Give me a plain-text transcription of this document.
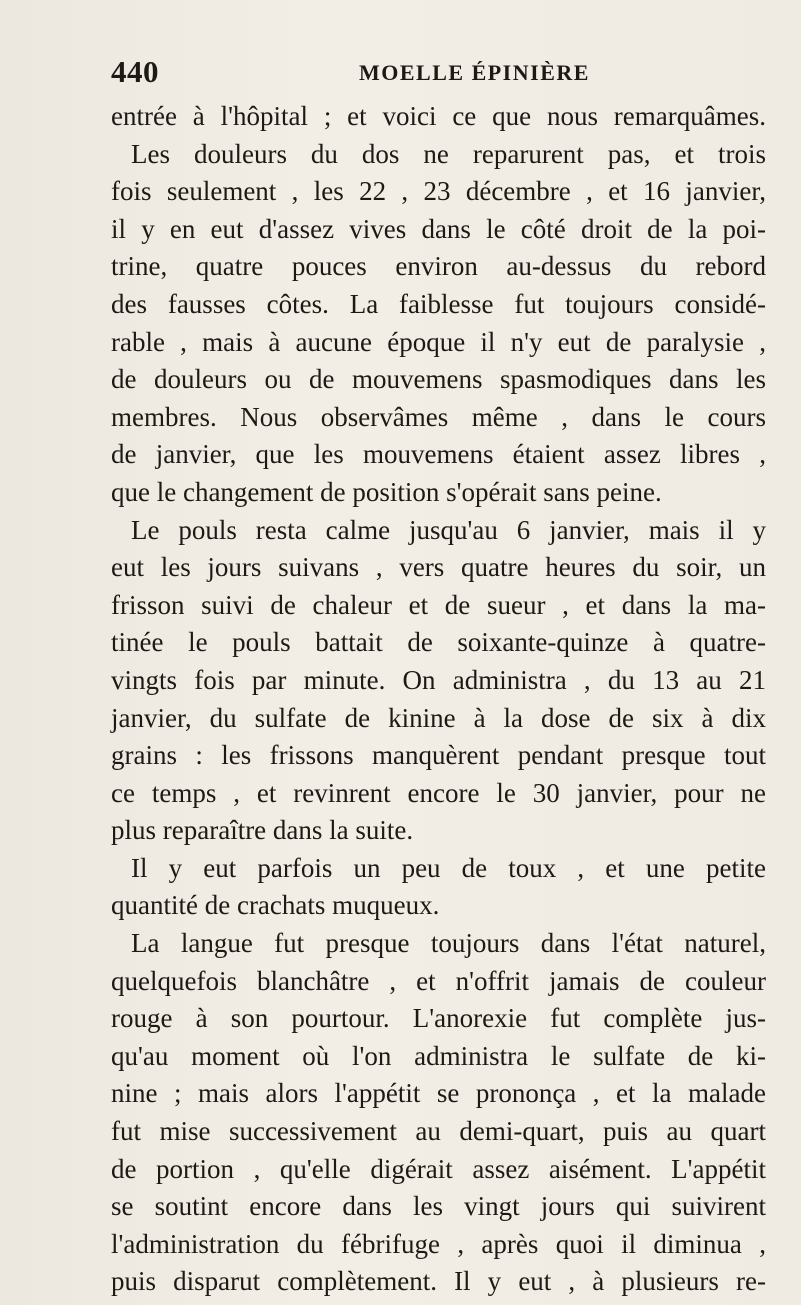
440	MOELLE ÉPINIÈRE
entrée à l'hôpital ; et voici ce que nous remarquâmes.
Les douleurs du dos ne reparurent pas, et trois
fois seulement , les 22 , 23 décembre , et 16 janvier,
il y en eut d'assez vives dans le côté droit de la poi-
trine, quatre pouces environ au-dessus du rebord
des fausses côtes. La faiblesse fut toujours considé-
rable , mais à aucune époque il n'y eut de paralysie ,
de douleurs ou de mouvemens spasmodiques dans les
membres. Nous observâmes même , dans le cours
de janvier, que les mouvemens étaient assez libres ,
que le changement de position s'opérait sans peine.
Le pouls resta calme jusqu'au 6 janvier, mais il y
eut les jours suivans , vers quatre heures du soir, un
frisson suivi de chaleur et de sueur , et dans la ma-
tinée le pouls battait de soixante-quinze à quatre-
vingts fois par minute. On administra , du 13 au 21
janvier, du sulfate de kinine à la dose de six à dix
grains : les frissons manquèrent pendant presque tout
ce temps , et revinrent encore le 30 janvier, pour ne
plus reparaître dans la suite.
Il y eut parfois un peu de toux , et une petite
quantité de crachats muqueux.
La langue fut presque toujours dans l'état naturel,
quelquefois blanchâtre , et n'offrit jamais de couleur
rouge à son pourtour. L'anorexie fut complète jus-
qu'au moment où l'on administra le sulfate de ki-
nine ; mais alors l'appétit se prononça , et la malade
fut mise successivement au demi-quart, puis au quart
de portion , qu'elle digérait assez aisément. L'appétit
se soutint encore dans les vingt jours qui suivirent
l'administration du fébrifuge , après quoi il diminua ,
puis disparut complètement. Il y eut , à plusieurs re-
